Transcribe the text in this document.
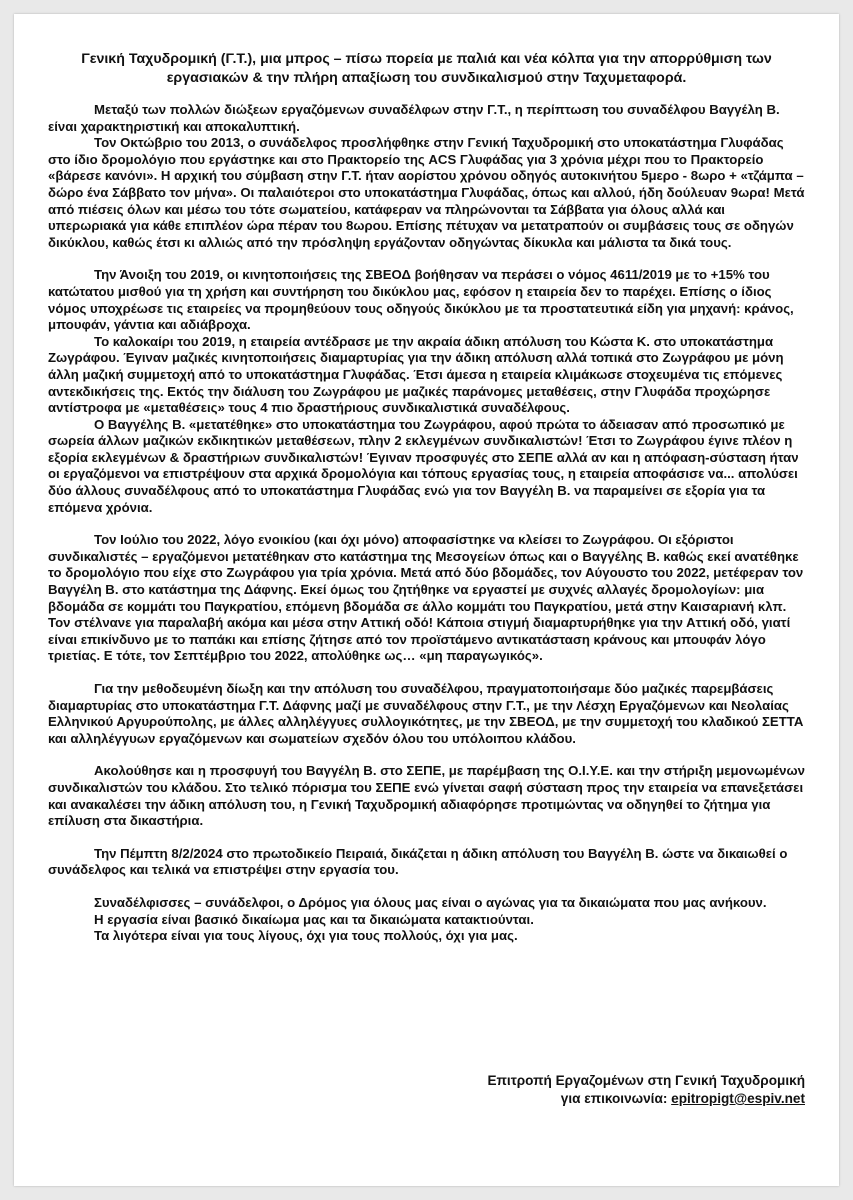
Γενική Ταχυδρομική (Γ.Τ.), μια μπρος – πίσω πορεία με παλιά και νέα κόλπα για την απορρύθμιση των εργασιακών & την πλήρη απαξίωση του συνδικαλισμού στην Ταχυμεταφορά.

Μεταξύ των πολλών διώξεων εργαζόμενων συναδέλφων στην Γ.Τ., η περίπτωση του συναδέλφου Βαγγέλη Β. είναι χαρακτηριστική και αποκαλυπτική.

Τον Οκτώβριο του 2013, ο συνάδελφος προσλήφθηκε στην Γενική Ταχυδρομική στο υποκατάστημα Γλυφάδας στο ίδιο δρομολόγιο που εργάστηκε και στο Πρακτορείο της ACS Γλυφάδας για 3 χρόνια μέχρι που το Πρακτορείο «βάρεσε κανόνι». Η αρχική του σύμβαση στην Γ.Τ. ήταν αορίστου χρόνου οδηγός αυτοκινήτου 5μερο - 8ωρο + «τζάμπα – δώρο ένα Σάββατο τον μήνα». Οι παλαιότεροι στο υποκατάστημα Γλυφάδας, όπως και αλλού, ήδη δούλευαν 9ωρα! Μετά από πιέσεις όλων και μέσω του τότε σωματείου, κατάφεραν να πληρώνονται τα Σάββατα για όλους αλλά και υπερωριακά για κάθε επιπλέον ώρα πέραν του 8ωρου. Επίσης πέτυχαν να μετατραπούν οι συμβάσεις τους σε οδηγών δικύκλου, καθώς έτσι κι αλλιώς από την πρόσληψη εργάζονταν οδηγώντας δίκυκλα και μάλιστα τα δικά τους.

Την Άνοιξη του 2019, οι κινητοποιήσεις της ΣΒΕΟΔ βοήθησαν να περάσει ο νόμος 4611/2019 με το +15% του κατώτατου μισθού για τη χρήση και συντήρηση του δικύκλου μας, εφόσον η εταιρεία δεν το παρέχει. Επίσης ο ίδιος νόμος υποχρέωσε τις εταιρείες να προμηθεύουν τους οδηγούς δικύκλου με τα προστατευτικά είδη για μηχανή: κράνος, μπουφάν, γάντια και αδιάβροχα.

Το καλοκαίρι του 2019, η εταιρεία αντέδρασε με την ακραία άδικη απόλυση του Κώστα Κ. στο υποκατάστημα Ζωγράφου. Έγιναν μαζικές κινητοποιήσεις διαμαρτυρίας για την άδικη απόλυση αλλά τοπικά στο Ζωγράφου με μόνη άλλη μαζική συμμετοχή από το υποκατάστημα Γλυφάδας. Έτσι άμεσα η εταιρεία κλιμάκωσε στοχευμένα τις επόμενες αντεκδικήσεις της. Εκτός την διάλυση του Ζωγράφου με μαζικές παράνομες μεταθέσεις, στην Γλυφάδα προχώρησε αντίστροφα με «μεταθέσεις» τους 4 πιο δραστήριους συνδικαλιστικά συναδέλφους.

Ο Βαγγέλης Β. «μετατέθηκε» στο υποκατάστημα του Ζωγράφου, αφού πρώτα το άδειασαν από προσωπικό με σωρεία άλλων μαζικών εκδικητικών μεταθέσεων, πλην 2 εκλεγμένων συνδικαλιστών! Έτσι το Ζωγράφου έγινε πλέον η εξορία εκλεγμένων & δραστήριων συνδικαλιστών! Έγιναν προσφυγές στο ΣΕΠΕ αλλά αν και η απόφαση-σύσταση ήταν οι εργαζόμενοι να επιστρέψουν στα αρχικά δρομολόγια και τόπους εργασίας τους, η εταιρεία αποφάσισε να... απολύσει δύο άλλους συναδέλφους από το υποκατάστημα Γλυφάδας ενώ για τον Βαγγέλη Β. να παραμείνει σε εξορία για τα επόμενα χρόνια.

Τον Ιούλιο του 2022, λόγο ενοικίου (και όχι μόνο) αποφασίστηκε να κλείσει το Ζωγράφου. Οι εξόριστοι συνδικαλιστές – εργαζόμενοι μετατέθηκαν στο κατάστημα της Μεσογείων όπως και ο Βαγγέλης Β. καθώς εκεί ανατέθηκε το δρομολόγιο που είχε στο Ζωγράφου για τρία χρόνια. Μετά από δύο βδομάδες, τον Αύγουστο του 2022, μετέφεραν τον Βαγγέλη Β. στο κατάστημα της Δάφνης. Εκεί όμως του ζητήθηκε να εργαστεί με συχνές αλλαγές δρομολογίων: μια βδομάδα σε κομμάτι του Παγκρατίου, επόμενη βδομάδα σε άλλο κομμάτι του Παγκρατίου, μετά στην Καισαριανή κλπ. Τον στέλνανε για παραλαβή ακόμα και μέσα στην Αττική οδό! Κάποια στιγμή διαμαρτυρήθηκε για την Αττική οδό, γιατί είναι επικίνδυνο με το παπάκι και επίσης ζήτησε από τον προϊστάμενο αντικατάσταση κράνους και μπουφάν λόγο τριετίας. Ε τότε, τον Σεπτέμβριο του 2022, απολύθηκε ως… «μη παραγωγικός».

Για την μεθοδευμένη δίωξη και την απόλυση του συναδέλφου, πραγματοποιήσαμε δύο μαζικές παρεμβάσεις διαμαρτυρίας στο υποκατάστημα Γ.Τ. Δάφνης μαζί με συναδέλφους στην Γ.Τ., με την Λέσχη Εργαζόμενων και Νεολαίας Ελληνικού Αργυρούπολης, με άλλες αλληλέγγυες συλλογικότητες, με την ΣΒΕΟΔ, με την συμμετοχή του κλαδικού ΣΕΤΤΑ και αλληλέγγυων εργαζόμενων και σωματείων σχεδόν όλου του υπόλοιπου κλάδου.

Ακολούθησε και η προσφυγή του Βαγγέλη Β. στο ΣΕΠΕ, με παρέμβαση της Ο.Ι.Υ.Ε. και την στήριξη μεμονωμένων συνδικαλιστών του κλάδου. Στο τελικό πόρισμα του ΣΕΠΕ ενώ γίνεται σαφή σύσταση προς την εταιρεία να επανεξετάσει και ανακαλέσει την άδικη απόλυση του, η Γενική Ταχυδρομική αδιαφόρησε προτιμώντας να οδηγηθεί το ζήτημα για επίλυση στα δικαστήρια.

Την Πέμπτη 8/2/2024 στο πρωτοδικείο Πειραιά, δικάζεται η άδικη απόλυση του Βαγγέλη Β. ώστε να δικαιωθεί ο συνάδελφος και τελικά να επιστρέψει στην εργασία του.

Συναδέλφισσες – συνάδελφοι, ο Δρόμος για όλους μας είναι ο αγώνας για τα δικαιώματα που μας ανήκουν.

Η εργασία είναι βασικό δικαίωμα μας και τα δικαιώματα κατακτιούνται.

Τα λιγότερα είναι για τους λίγους, όχι για τους πολλούς, όχι για μας.

Επιτροπή Εργαζομένων στη Γενική Ταχυδρομική
για επικοινωνία: epitropigt@espiv.net
